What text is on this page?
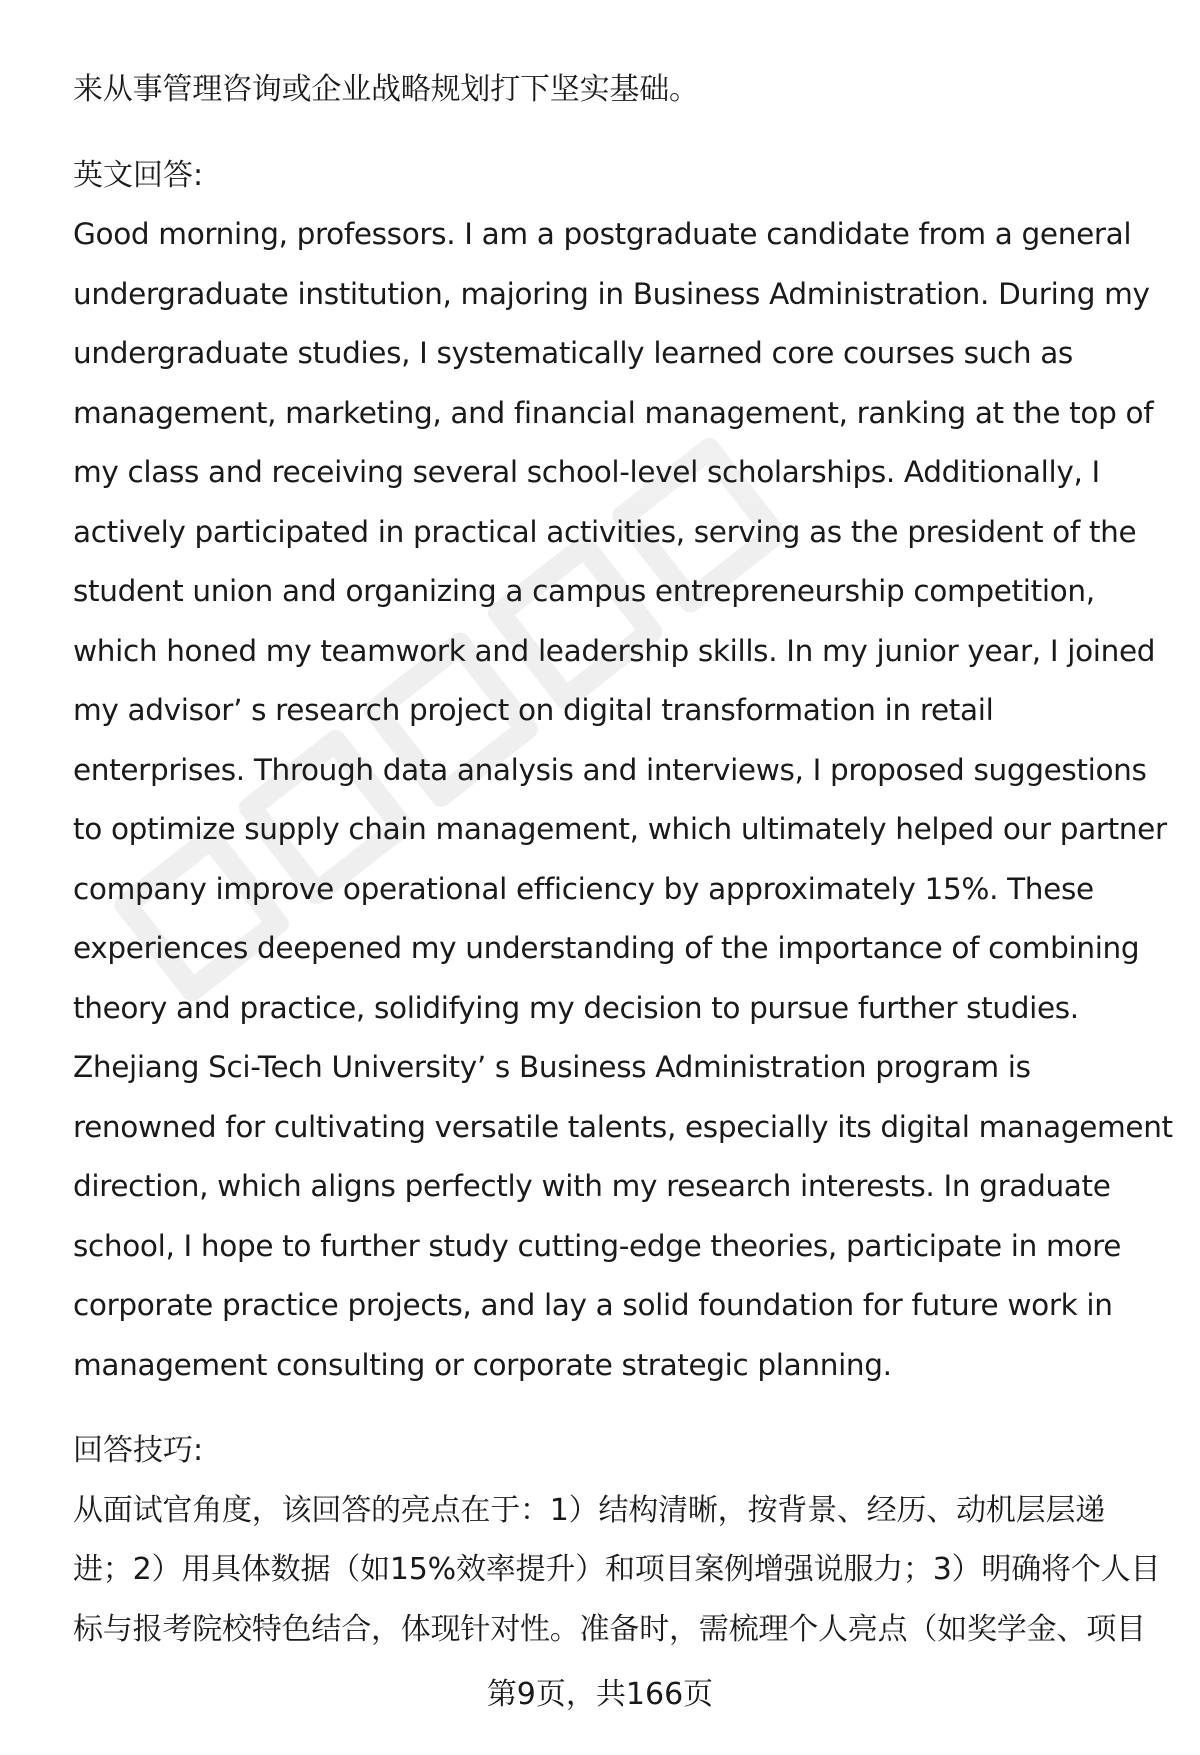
来从事管理咨询或企业战略规划打下坚实基础。
英文回答:
Good morning, professors. I am a postgraduate candidate from a general
undergraduate institution, majoring in Business Administration. During my
undergraduate studies, I systematically learned core courses such as
management, marketing, and financial management, ranking at the top of
my class and receiving several school-level scholarships. Additionally, I
actively participated in practical activities, serving as the president of the
student union and organizing a campus entrepreneurship competition,
which honed my teamwork and leadership skills. In my junior year, I joined
my advisor’ s research project on digital transformation in retail
enterprises. Through data analysis and interviews, I proposed suggestions
to optimize supply chain management, which ultimately helped our partner
company improve operational efficiency by approximately 15%. These
experiences deepened my understanding of the importance of combining
theory and practice, solidifying my decision to pursue further studies.
Zhejiang Sci-Tech University’ s Business Administration program is
renowned for cultivating versatile talents, especially its digital management
direction, which aligns perfectly with my research interests. In graduate
school, I hope to further study cutting-edge theories, participate in more
corporate practice projects, and lay a solid foundation for future work in
management consulting or corporate strategic planning.
回答技巧:
从面试官角度，该回答的亮点在于：1）结构清晰，按背景、经历、动机层层递
进；2）用具体数据（如15%效率提升）和项目案例增强说服力；3）明确将个人目
标与报考院校特色结合，体现针对性。准备时，需梳理个人亮点（如奖学金、项目
第9页，共166页
